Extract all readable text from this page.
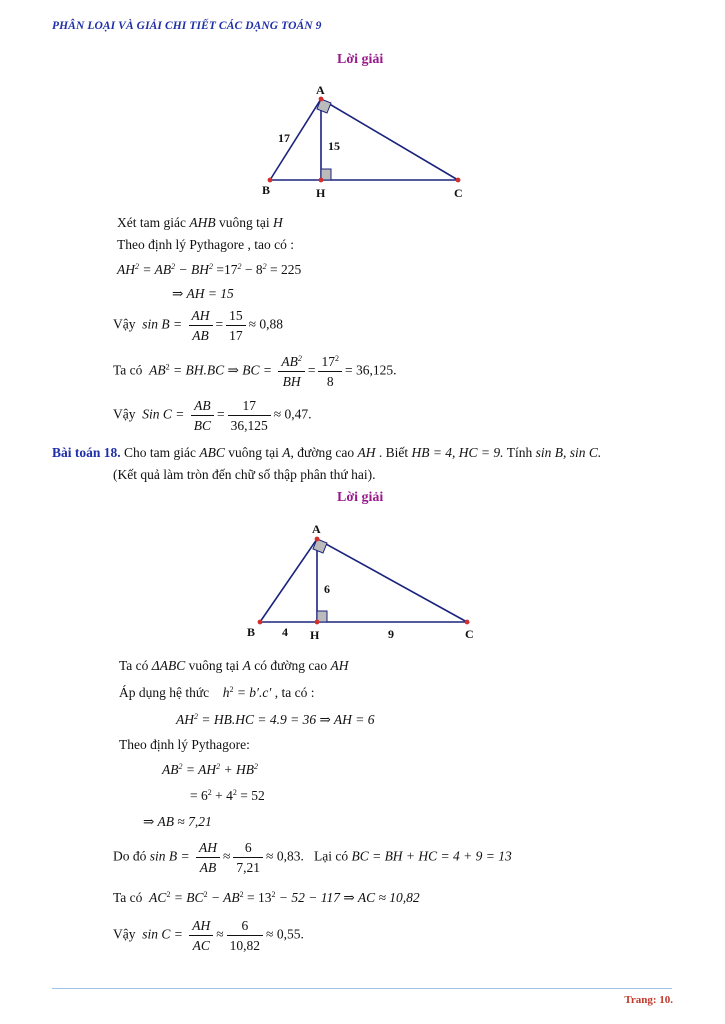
PHÂN LOẠI VÀ GIẢI CHI TIẾT CÁC DẠNG TOÁN 9
Lời giải
A
B	H	C
17
15
Xét tam giác AHB vuông tại H
Theo định lý Pythagore , tao có :
$AH^2 = AB^2 - BH^2 =17^2 - 8^2 = 225$
⇒ AH = 15
Vậy $\sin B = \frac{AH}{AB} = \frac{15}{17} \approx 0,88$
Ta có $AB^2 = BH.BC$ ⇒ BC = $\frac{AB^2}{BH} = \frac{17^2}{8} = 36,125$.
Vậy Sin $C = \frac{AB}{BC} = \frac{17}{36,125} \approx 0,47$.
Bài toán 18. Cho tam giác ABC vuông tại A, đường cao AH . Biết HB = 4, HC = 9. Tính sin B, sin C.
(Kết quả làm tròn đến chữ số thập phân thứ hai).
Lời giải
A
B	H	C
6
4	9
Ta có ΔABC vuông tại A có đường cao AH
Áp dụng hệ thức $h^2 = b'.c'$ , ta có :
$AH^2 = HB.HC = 4.9 = 36$ ⇒ AH = 6
Theo định lý Pythagore:
$AB^2 = AH^2 + HB^2$
= $6^2 + 4^2 = 52$
⇒ AB ≈ 7,21
Do đó $\sin B = \frac{AH}{AB} \approx \frac{6}{7,21} \approx 0,83$. Lại có BC = BH + HC = 4 + 9 = 13
Ta có $AC^2 = BC^2 - AB^2 = 13^2 - 52 - 117$ ⇒ AC ≈ 10,82
Vậy $\sin C = \frac{AH}{AC} \approx \frac{6}{10,82} \approx 0,55$.
Trang: 10.
